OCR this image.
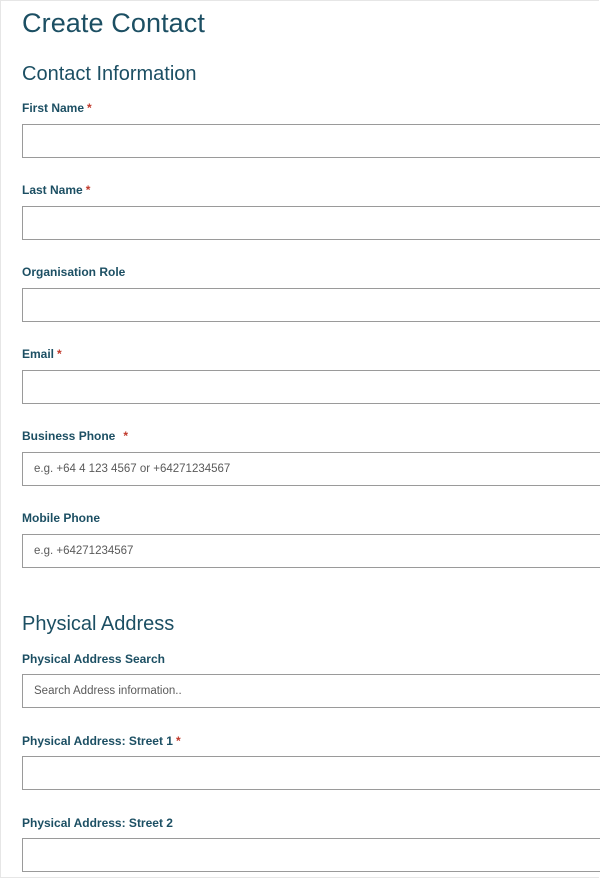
Create Contact
Contact Information
First Name *
Last Name *
Organisation Role
Email *
Business Phone *
e.g. +64 4 123 4567 or +64271234567
Mobile Phone
e.g. +64271234567
Physical Address
Physical Address Search
Search Address information..
Physical Address: Street 1 *
Physical Address: Street 2
